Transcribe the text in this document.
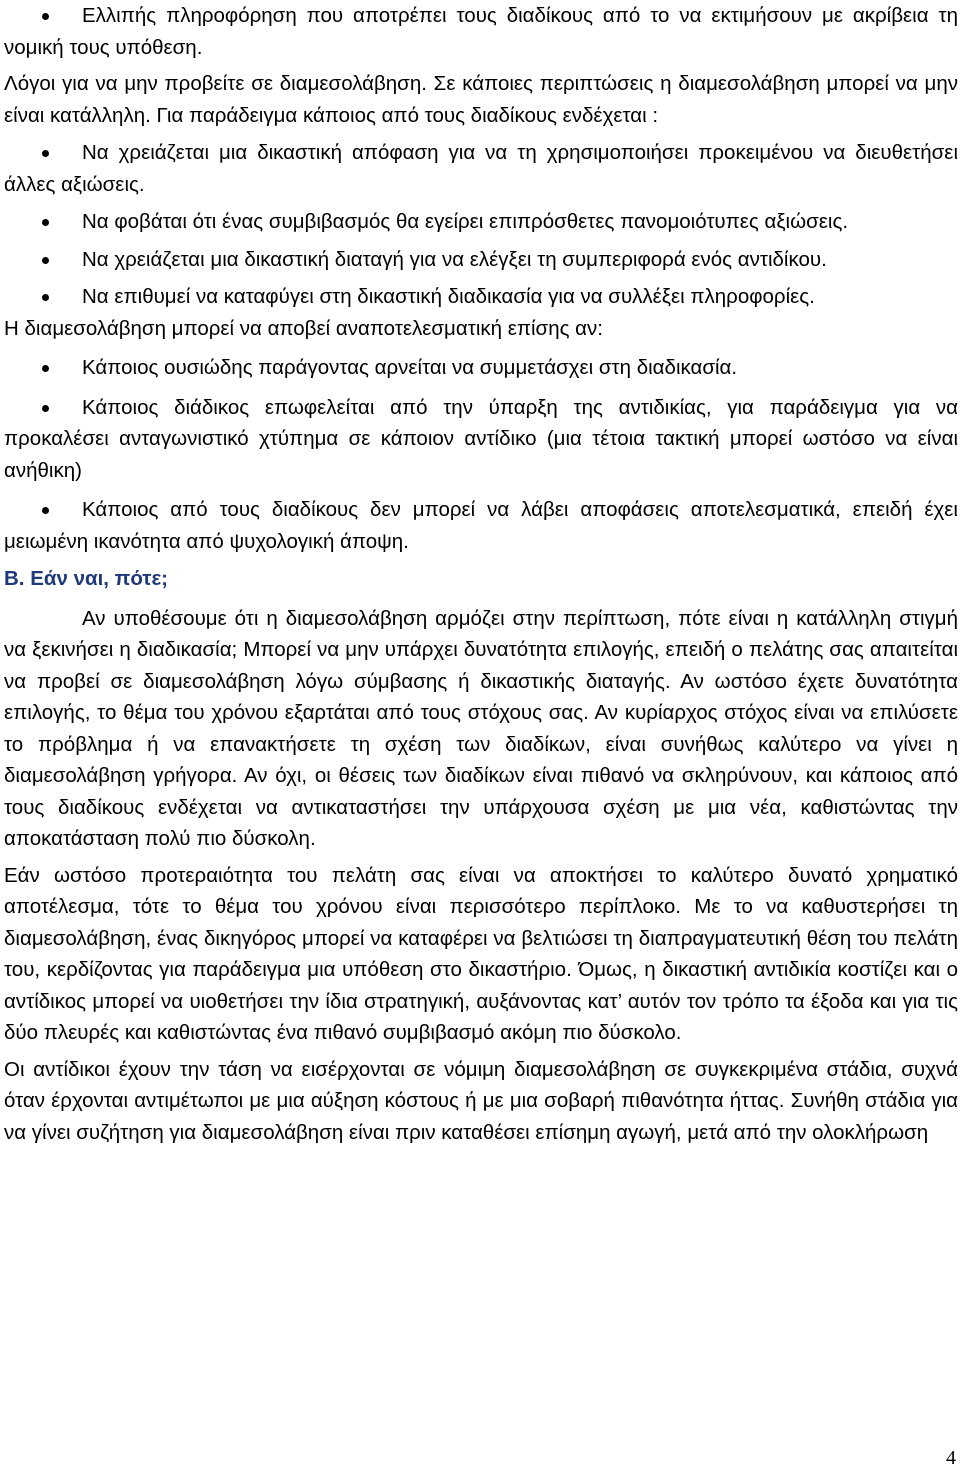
Ελλιπής πληροφόρηση που αποτρέπει τους διαδίκους από το να εκτιμήσουν με ακρίβεια τη νομική τους υπόθεση.

Λόγοι για να μην προβείτε σε διαμεσολάβηση. Σε κάποιες περιπτώσεις η διαμεσολάβηση μπορεί να μην είναι κατάλληλη. Για παράδειγμα κάποιος από τους διαδίκους ενδέχεται :

Να χρειάζεται μια δικαστική απόφαση για να τη χρησιμοποιήσει προκειμένου να διευθετήσει άλλες αξιώσεις.

Να φοβάται ότι ένας συμβιβασμός θα εγείρει επιπρόσθετες πανομοιότυπες αξιώσεις.

Να χρειάζεται μια δικαστική διαταγή για να ελέγξει τη συμπεριφορά ενός αντιδίκου.

Να επιθυμεί να καταφύγει στη δικαστική διαδικασία για να συλλέξει πληροφορίες.

Η διαμεσολάβηση μπορεί να αποβεί αναποτελεσματική επίσης αν:

Κάποιος ουσιώδης παράγοντας αρνείται να συμμετάσχει στη διαδικασία.

Κάποιος διάδικος επωφελείται από την ύπαρξη της αντιδικίας, για παράδειγμα για να προκαλέσει ανταγωνιστικό χτύπημα σε κάποιον αντίδικο (μια τέτοια τακτική μπορεί ωστόσο να είναι ανήθικη)

Κάποιος από τους διαδίκους δεν μπορεί να λάβει αποφάσεις αποτελεσματικά, επειδή έχει μειωμένη ικανότητα από ψυχολογική άποψη.

Β. Εάν ναι, πότε;

Αν υποθέσουμε ότι η διαμεσολάβηση αρμόζει στην περίπτωση, πότε είναι η κατάλληλη στιγμή να ξεκινήσει η διαδικασία; Μπορεί να μην υπάρχει δυνατότητα επιλογής, επειδή ο πελάτης σας απαιτείται να προβεί σε διαμεσολάβηση λόγω σύμβασης ή δικαστικής διαταγής. Αν ωστόσο έχετε δυνατότητα επιλογής, το θέμα του χρόνου εξαρτάται από τους στόχους σας. Αν κυρίαρχος στόχος είναι να επιλύσετε το πρόβλημα ή να επανακτήσετε τη σχέση των διαδίκων, είναι συνήθως καλύτερο να γίνει η διαμεσολάβηση γρήγορα. Αν όχι, οι θέσεις των διαδίκων είναι πιθανό να σκληρύνουν, και κάποιος από τους διαδίκους ενδέχεται να αντικαταστήσει την υπάρχουσα σχέση με μια νέα, καθιστώντας την αποκατάσταση πολύ πιο δύσκολη.

Εάν ωστόσο προτεραιότητα του πελάτη σας είναι να αποκτήσει το καλύτερο δυνατό χρηματικό αποτέλεσμα, τότε το θέμα του χρόνου είναι περισσότερο περίπλοκο. Με το να καθυστερήσει τη διαμεσολάβηση, ένας δικηγόρος μπορεί να καταφέρει να βελτιώσει τη διαπραγματευτική θέση του πελάτη του, κερδίζοντας για παράδειγμα μια υπόθεση στο δικαστήριο. Όμως, η δικαστική αντιδικία κοστίζει και ο αντίδικος μπορεί να υιοθετήσει την ίδια στρατηγική, αυξάνοντας κατ’ αυτόν τον τρόπο τα έξοδα και για τις δύο πλευρές και καθιστώντας ένα πιθανό συμβιβασμό ακόμη πιο δύσκολο.

Οι αντίδικοι έχουν την τάση να εισέρχονται σε νόμιμη διαμεσολάβηση σε συγκεκριμένα στάδια, συχνά όταν έρχονται αντιμέτωποι με μια αύξηση κόστους ή με μια σοβαρή πιθανότητα ήττας. Συνήθη στάδια για να γίνει συζήτηση για διαμεσολάβηση είναι πριν καταθέσει επίσημη αγωγή, μετά από την ολοκλήρωση

4
